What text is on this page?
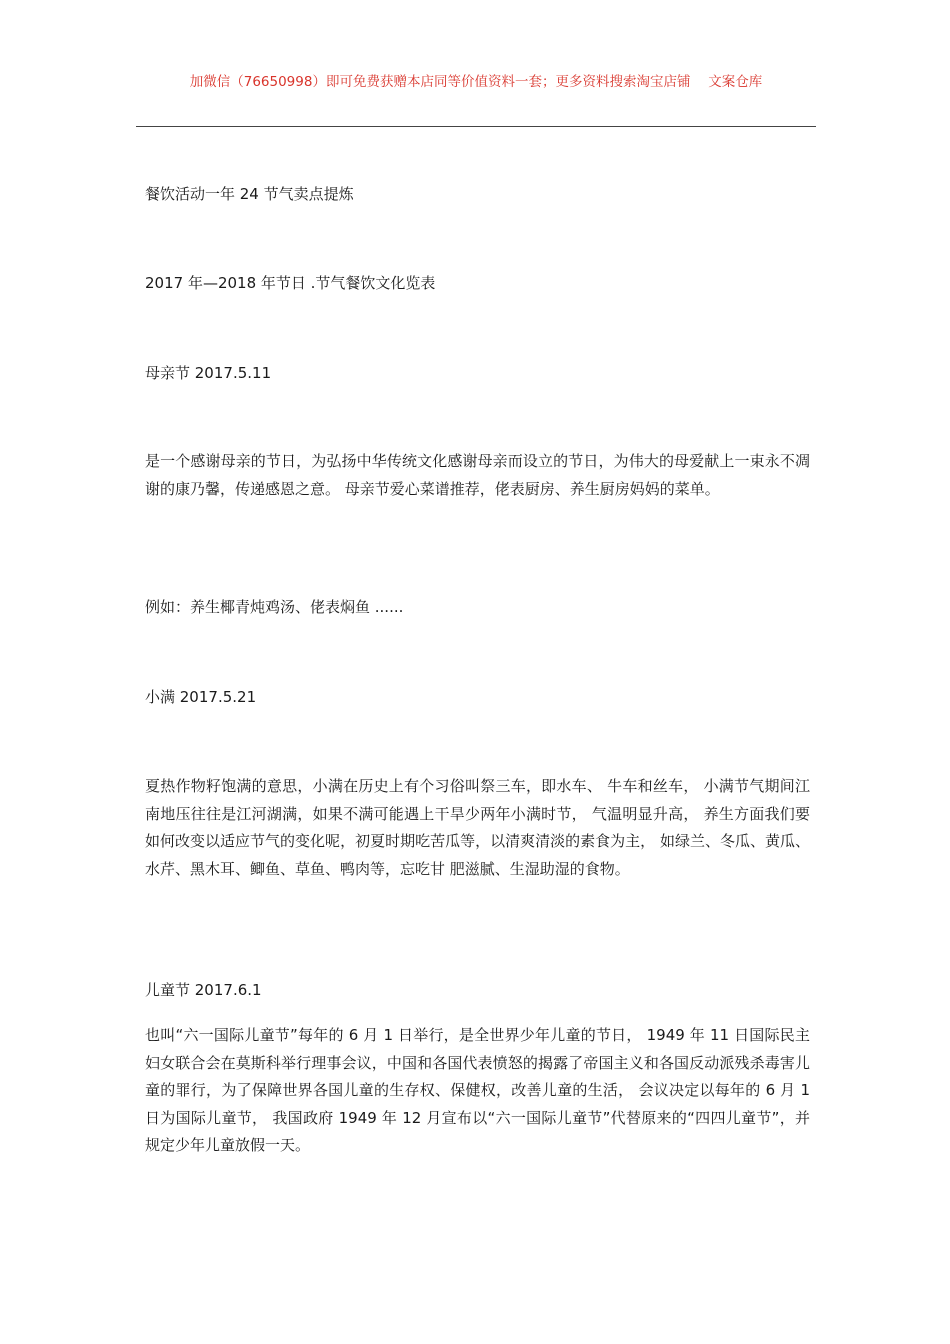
加微信（76650998）即可免费获赠本店同等价值资料一套；更多资料搜索淘宝店铺　 文案仓库
餐饮活动一年 24 节气卖点提炼
2017 年—2018 年节日 .节气餐饮文化览表
母亲节 2017.5.11
是一个感谢母亲的节日，为弘扬中华传统文化感谢母亲而设立的节日，为伟大的母爱献上一束永不凋谢的康乃馨，传递感恩之意。 母亲节爱心菜谱推荐，佬表厨房、养生厨房妈妈的菜单。
例如：养生椰青炖鸡汤、佬表焖鱼 ......
小满 2017.5.21
夏热作物籽饱满的意思，小满在历史上有个习俗叫祭三车，即水车、 牛车和丝车， 小满节气期间江南地压往往是江河湖满，如果不满可能遇上干旱少两年小满时节， 气温明显升高， 养生方面我们要如何改变以适应节气的变化呢，初夏时期吃苦瓜等，以清爽清淡的素食为主， 如绿兰、冬瓜、黄瓜、水芹、黑木耳、鲫鱼、草鱼、鸭肉等，忘吃甘 肥滋腻、生湿助湿的食物。
儿童节 2017.6.1
也叫“六一国际儿童节”每年的 6 月 1 日举行，是全世界少年儿童的节日， 1949 年 11 日国际民主妇女联合会在莫斯科举行理事会议，中国和各国代表愤怒的揭露了帝国主义和各国反动派残杀毒害儿童的罪行，为了保障世界各国儿童的生存权、保健权，改善儿童的生活， 会议决定以每年的 6 月 1 日为国际儿童节， 我国政府 1949 年 12 月宣布以“六一国际儿童节”代替原来的“四四儿童节”，并规定少年儿童放假一天。
